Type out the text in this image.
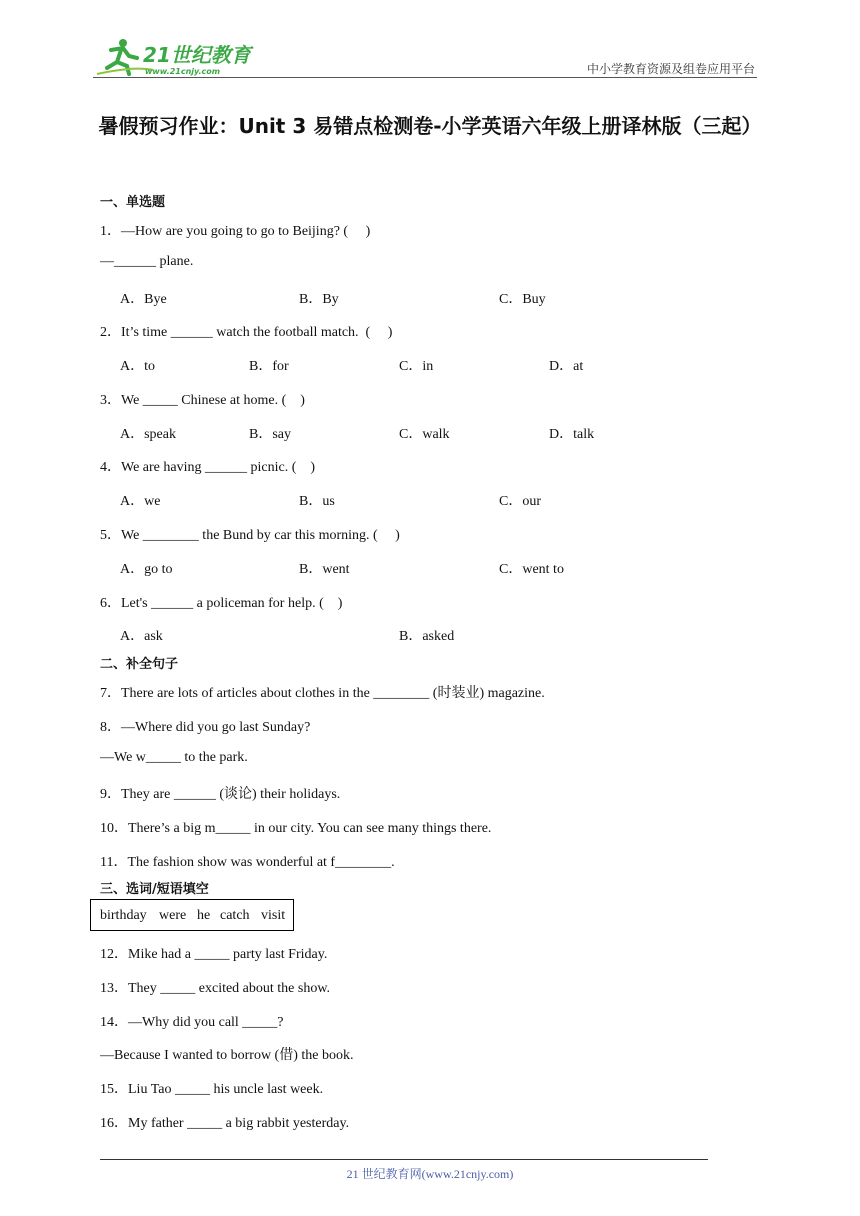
21世纪教育
www.21cnjy.com	中小学教育资源及组卷应用平台
暑假预习作业：Unit 3 易错点检测卷-小学英语六年级上册译林版（三起）
一、单选题
1．—How are you going to go to Beijing? (     )
—______ plane.
A．Bye	B．By	C．Buy
2．It’s time ______ watch the football match.  (     )
A．to	B．for	C．in	D．at
3．We _____ Chinese at home. (    )
A．speak	B．say	C．walk	D．talk
4．We are having ______ picnic. (    )
A．we	B．us	C．our
5．We ________ the Bund by car this morning. (     )
A．go to	B．went	C．went to
6．Let's ______ a policeman for help. (    )
A．ask	B．asked
二、补全句子
7．There are lots of articles about clothes in the ________ (时装业) magazine.
8．—Where did you go last Sunday?
—We w_____ to the park.
9．They are ______ (谈论) their holidays.
10．There’s a big m_____ in our city. You can see many things there.
11．The fashion show was wonderful at f________.
三、选词/短语填空
birthday were he catch visit
12．Mike had a _____ party last Friday.
13．They _____ excited about the show.
14．—Why did you call _____?
—Because I wanted to borrow (借) the book.
15．Liu Tao _____ his uncle last week.
16．My father _____ a big rabbit yesterday.
21 世纪教育网(www.21cnjy.com)
